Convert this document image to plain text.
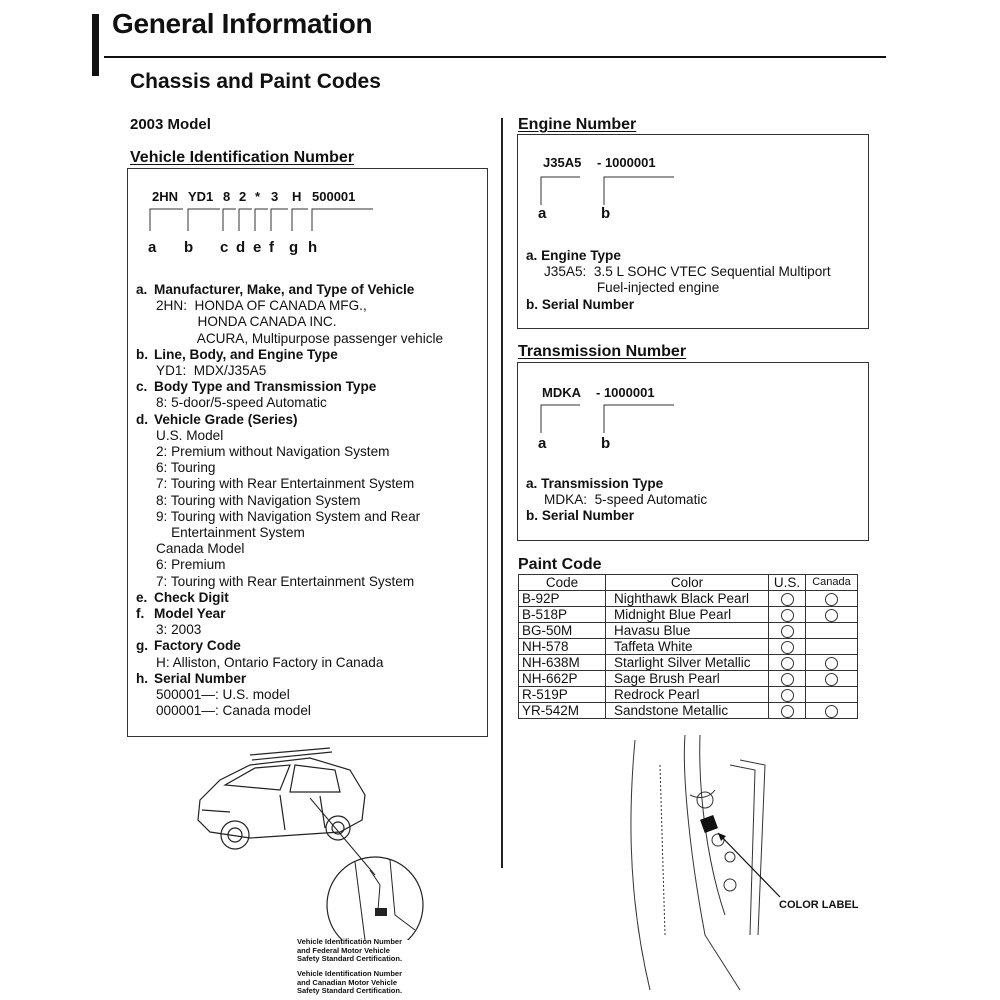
General Information
Chassis and Paint Codes
2003 Model
Vehicle Identification Number
2HN YD1 8 2 * 3 H 500001
a b c d e f g h
a. Manufacturer, Make, and Type of Vehicle
2HN:  HONDA OF CANADA MFG.,
HONDA CANADA INC.
ACURA, Multipurpose passenger vehicle
b. Line, Body, and Engine Type
YD1:  MDX/J35A5
c. Body Type and Transmission Type
8: 5-door/5-speed Automatic
d. Vehicle Grade (Series)
U.S. Model
2: Premium without Navigation System
6: Touring
7: Touring with Rear Entertainment System
8: Touring with Navigation System
9: Touring with Navigation System and Rear
Entertainment System
Canada Model
6: Premium
7: Touring with Rear Entertainment System
e. Check Digit
f. Model Year
3: 2003
g. Factory Code
H: Alliston, Ontario Factory in Canada
h. Serial Number
500001—: U.S. model
000001—: Canada model
Vehicle Identification Number
and Federal Motor Vehicle
Safety Standard Certification.
Vehicle Identification Number
and Canadian Motor Vehicle
Safety Standard Certification.
Engine Number
J35A5 - 1000001
a	b
a. Engine Type
J35A5:  3.5 L SOHC VTEC Sequential Multiport
Fuel-injected engine
b. Serial Number
Transmission Number
MDKA - 1000001
a	b
a. Transmission Type
MDKA:  5-speed Automatic
b. Serial Number
Paint Code
Code	Color	U.S.	Canada
B-92P	Nighthawk Black Pearl		
B-518P	Midnight Blue Pearl		
BG-50M	Havasu Blue		
NH-578	Taffeta White		
NH-638M	Starlight Silver Metallic		
NH-662P	Sage Brush Pearl		
R-519P	Redrock Pearl		
YR-542M	Sandstone Metallic		
COLOR LABEL
